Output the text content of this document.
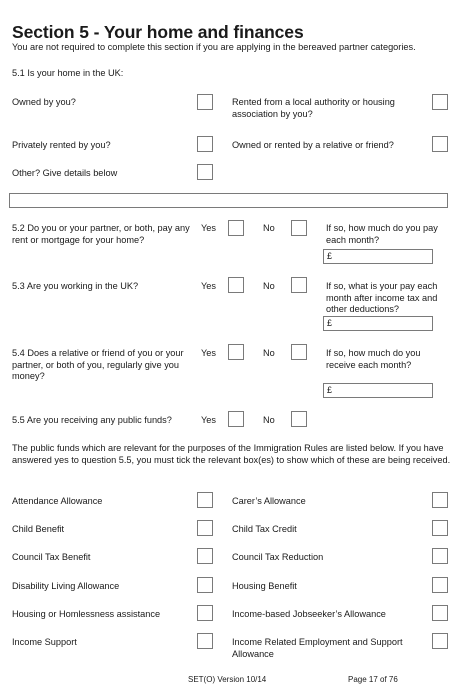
Section 5 - Your home and finances
You are not required to complete this section if you are applying in the bereaved partner categories.
5.1 Is your home in the UK:
Owned by you?	Rented from a local authority or housing association by you?
Privately rented by you?	Owned or rented by a relative or friend?
Other? Give details below
5.2 Do you or your partner, or both, pay any rent or mortgage for your home?
Yes	No	If so, how much do you pay each month?
£
5.3 Are you working in the UK?	Yes	No	If so, what is your pay each month after income tax and other deductions?
£
5.4 Does a relative or friend of you or your partner, or both of you, regularly give you money?
Yes	No	If so, how much do you receive each month?
£
5.5 Are you receiving any public funds?	Yes	No
The public funds which are relevant for the purposes of the Immigration Rules are listed below. If you have answered yes to question 5.5, you must tick the relevant box(es) to show which of these are being received.
Attendance Allowance	Carer’s Allowance
Child Benefit	Child Tax Credit
Council Tax Benefit	Council Tax Reduction
Disability Living Allowance	Housing Benefit
Housing or Homlessness assistance	Income-based Jobseeker’s Allowance
Income Support	Income Related Employment and Support Allowance
SET(O) Version 10/14	Page 17 of 76
